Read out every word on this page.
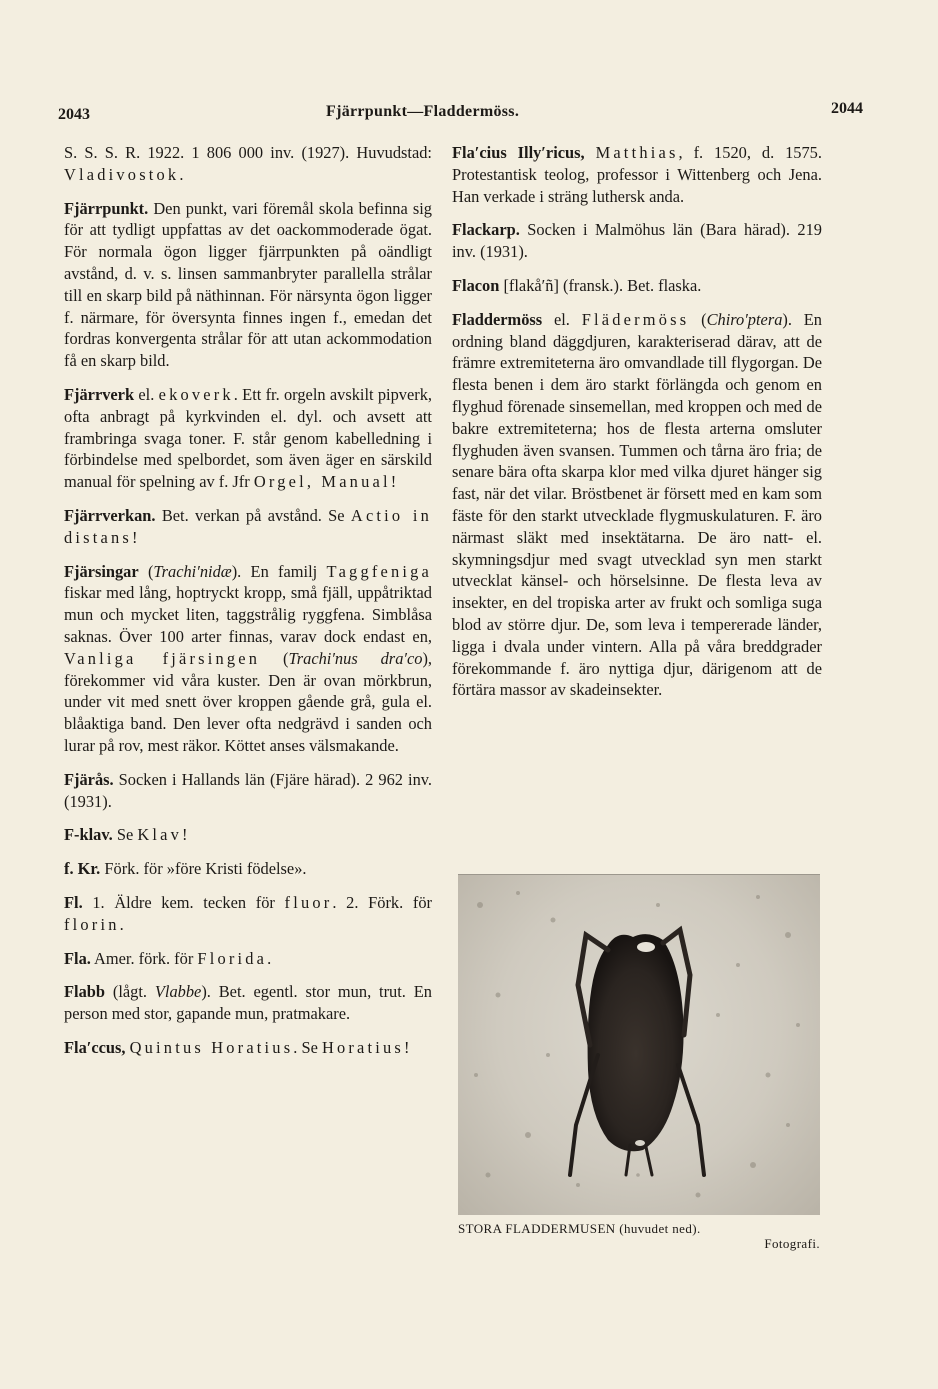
2043	Fjärrpunkt—Fladdermöss.	2044

S. S. S. R. 1922. 1 806 000 inv. (1927). Huvudstad: Vladivostok.

Fjärrpunkt. Den punkt, vari föremål skola befinna sig för att tydligt uppfattas av det oackommoderade ögat. För normala ögon ligger fjärrpunkten på oändligt avstånd, d. v. s. linsen sammanbryter parallella strålar till en skarp bild på näthinnan. För närsynta ögon ligger f. närmare, för översynta finnes ingen f., emedan det fordras konvergenta strålar för att utan ackommodation få en skarp bild.

Fjärrverk el. ekoverk. Ett fr. orgeln avskilt pipverk, ofta anbragt på kyrkvinden el. dyl. och avsett att frambringa svaga toner. F. står genom kabelledning i förbindelse med spelbordet, som även äger en särskild manual för spelning av f. Jfr Orgel, Manual!

Fjärrverkan. Bet. verkan på avstånd. Se Actio in distans!

Fjärsingar (Trachi′nidæ). En familj Taggfeniga fiskar med lång, hoptryckt kropp, små fjäll, uppåtriktad mun och mycket liten, taggstrålig ryggfena. Simblåsa saknas. Över 100 arter finnas, varav dock endast en, Vanliga fjärsingen (Trachi′nus dra′co), förekommer vid våra kuster. Den är ovan mörkbrun, under vit med snett över kroppen gående grå, gula el. blåaktiga band. Den lever ofta nedgrävd i sanden och lurar på rov, mest räkor. Köttet anses välsmakande.

Fjärås. Socken i Hallands län (Fjäre härad). 2 962 inv. (1931).

F-klav. Se Klav!

f. Kr. Förk. för »före Kristi födelse».

Fl. 1. Äldre kem. tecken för fluor. 2. Förk. för florin.

Fla. Amer. förk. för Florida.

Flabb (lågt. Vlabbe). Bet. egentl. stor mun, trut. En person med stor, gapande mun, pratmakare.

Fla′ccus, Quintus Horatius. Se Horatius!

Fla′cius Illy′ricus, Matthias, f. 1520, d. 1575. Protestantisk teolog, professor i Wittenberg och Jena. Han verkade i sträng luthersk anda.

Flackarp. Socken i Malmöhus län (Bara härad). 219 inv. (1931).

Flacon [flakå′ñ] (fransk.). Bet. flaska.

Fladdermöss el. Flädermöss (Chiro′ptera). En ordning bland däggdjuren, karakteriserad därav, att de främre extremiteterna äro omvandlade till flygorgan. De flesta benen i dem äro starkt förlängda och genom en flyghud förenade sinsemellan, med kroppen och med de bakre extremiteterna; hos de flesta arterna omsluter flyghuden även svansen. Tummen och tårna äro fria; de senare bära ofta skarpa klor med vilka djuret hänger sig fast, när det vilar. Bröstbenet är försett med en kam som fäste för den starkt utvecklade flygmuskulaturen. F. äro närmast släkt med insektätarna. De äro natt- el. skymningsdjur med svagt utvecklad syn men starkt utvecklat känsel- och hörselsinne. De flesta leva av insekter, en del tropiska arter av frukt och somliga suga blod av större djur. De, som leva i tempererade länder, ligga i dvala under vintern. Alla på våra breddgrader förekommande f. äro nyttiga djur, därigenom att de förtära massor av skadeinsekter.

STORA FLADDERMUSEN (huvudet ned).
Fotografi.
